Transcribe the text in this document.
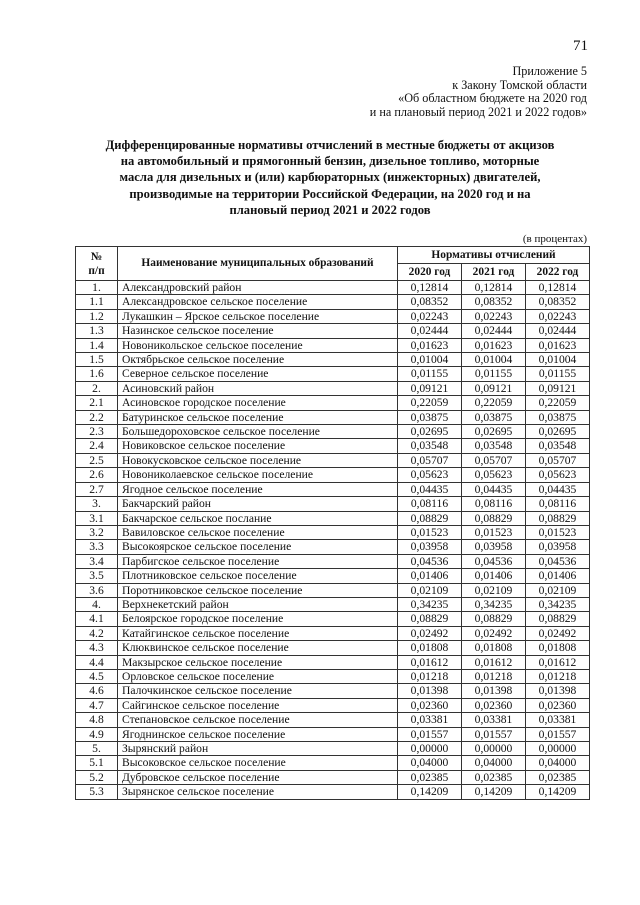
71
Приложение 5
к Закону Томской области
«Об областном бюджете на 2020 год
и на плановый период 2021 и 2022 годов»
Дифференцированные нормативы отчислений в местные бюджеты от акцизов
на автомобильный и прямогонный бензин, дизельное топливо, моторные
масла для дизельных и (или) карбюраторных (инжекторных) двигателей,
производимые на территории Российской Федерации, на 2020 год и на
плановый период 2021 и 2022 годов
(в процентах)
№
п/п	Наименование муниципальных образований	Нормативы отчислений		
		2020 год	2021 год	2022 год
1.	Александровский район	0,12814	0,12814	0,12814
1.1	Александровское сельское поселение	0,08352	0,08352	0,08352
1.2	Лукашкин – Ярское сельское поселение	0,02243	0,02243	0,02243
1.3	Назинское сельское поселение	0,02444	0,02444	0,02444
1.4	Новоникольское сельское поселение	0,01623	0,01623	0,01623
1.5	Октябрьское сельское поселение	0,01004	0,01004	0,01004
1.6	Северное сельское поселение	0,01155	0,01155	0,01155
2.	Асиновский район	0,09121	0,09121	0,09121
2.1	Асиновское городское поселение	0,22059	0,22059	0,22059
2.2	Батуринское сельское поселение	0,03875	0,03875	0,03875
2.3	Большедороховское сельское поселение	0,02695	0,02695	0,02695
2.4	Новиковское сельское поселение	0,03548	0,03548	0,03548
2.5	Новокусковское сельское поселение	0,05707	0,05707	0,05707
2.6	Новониколаевское сельское поселение	0,05623	0,05623	0,05623
2.7	Ягодное сельское поселение	0,04435	0,04435	0,04435
3.	Бакчарский район	0,08116	0,08116	0,08116
3.1	Бакчарское сельское послание	0,08829	0,08829	0,08829
3.2	Вавиловское сельское поселение	0,01523	0,01523	0,01523
3.3	Высокоярское сельское поселение	0,03958	0,03958	0,03958
3.4	Парбигское сельское поселение	0,04536	0,04536	0,04536
3.5	Плотниковское сельское поселение	0,01406	0,01406	0,01406
3.6	Поротниковское сельское поселение	0,02109	0,02109	0,02109
4.	Верхнекетский район	0,34235	0,34235	0,34235
4.1	Белоярское городское поселение	0,08829	0,08829	0,08829
4.2	Катайгинское сельское поселение	0,02492	0,02492	0,02492
4.3	Клюквинское сельское поселение	0,01808	0,01808	0,01808
4.4	Макзырское сельское поселение	0,01612	0,01612	0,01612
4.5	Орловское сельское поселение	0,01218	0,01218	0,01218
4.6	Палочкинское сельское поселение	0,01398	0,01398	0,01398
4.7	Сайгинское сельское поселение	0,02360	0,02360	0,02360
4.8	Степановское сельское поселение	0,03381	0,03381	0,03381
4.9	Ягоднинское сельское поселение	0,01557	0,01557	0,01557
5.	Зырянский район	0,00000	0,00000	0,00000
5.1	Высоковское сельское поселение	0,04000	0,04000	0,04000
5.2	Дубровское сельское поселение	0,02385	0,02385	0,02385
5.3	Зырянское сельское поселение	0,14209	0,14209	0,14209
